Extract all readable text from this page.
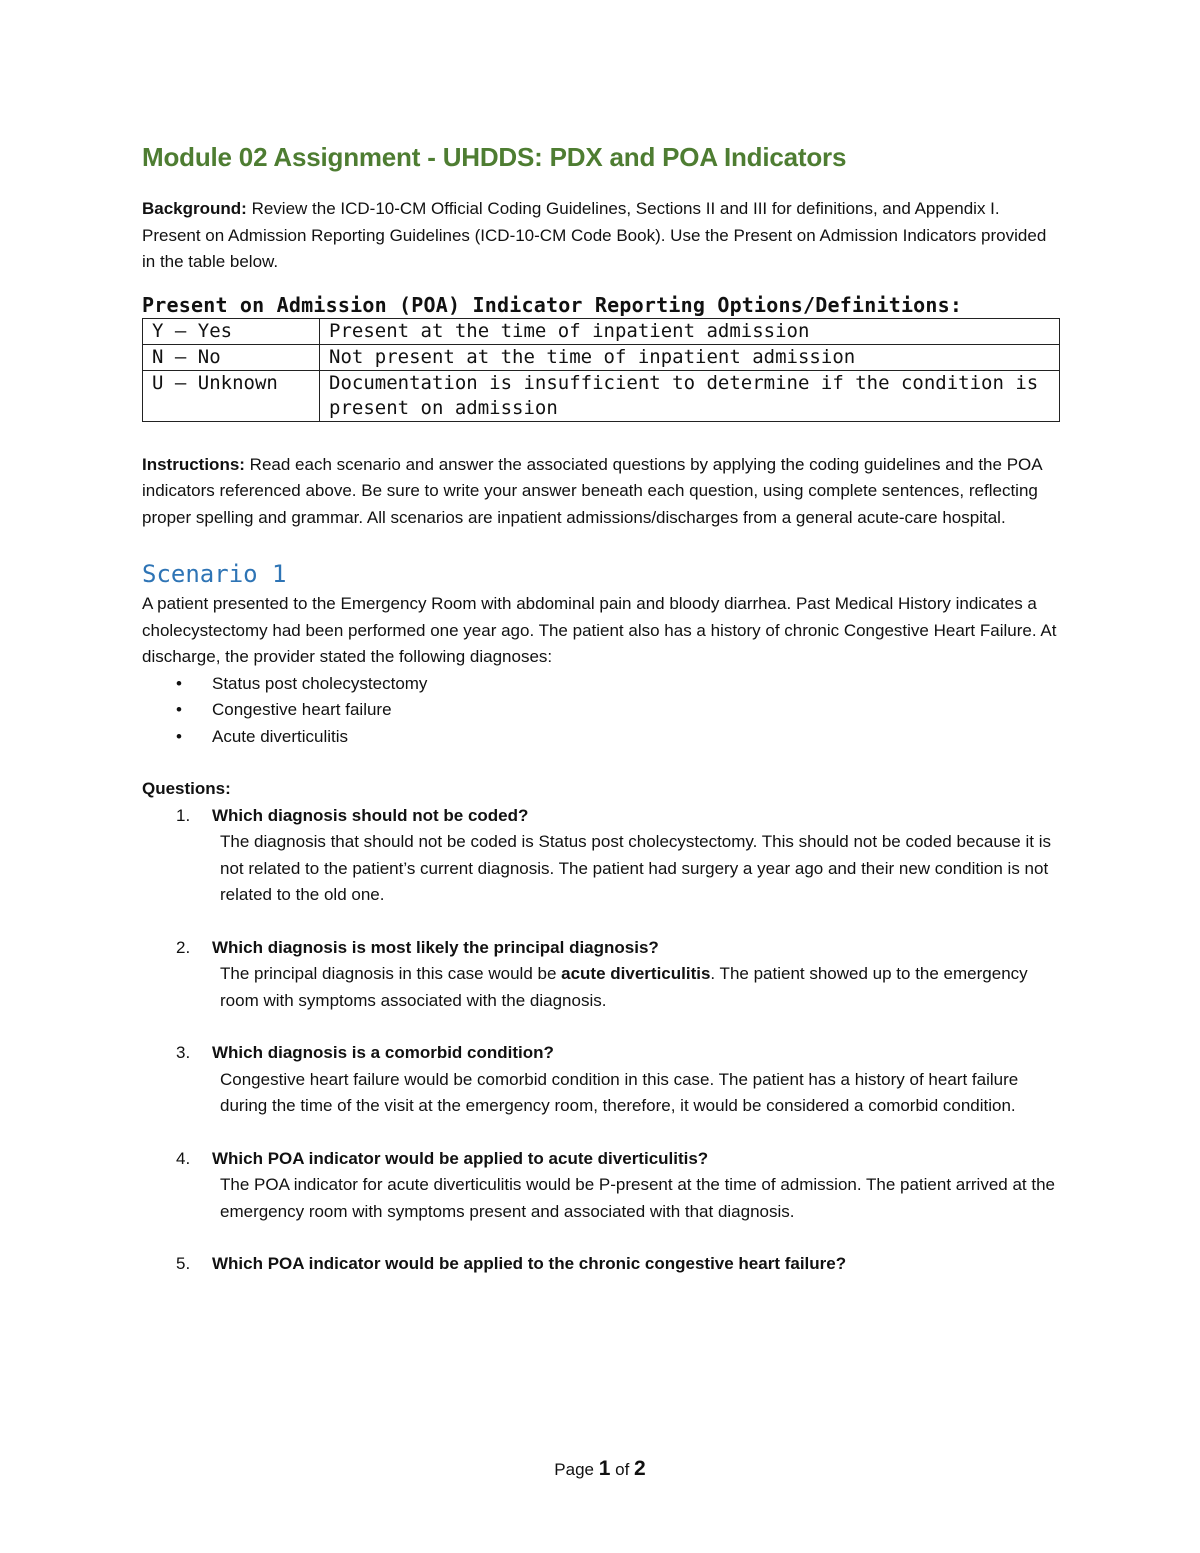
Module 02 Assignment - UHDDS: PDX and POA Indicators

Background: Review the ICD-10-CM Official Coding Guidelines, Sections II and III for definitions, and Appendix I. Present on Admission Reporting Guidelines (ICD-10-CM Code Book). Use the Present on Admission Indicators provided in the table below.

Present on Admission (POA) Indicator Reporting Options/Definitions:
Y – Yes	Present at the time of inpatient admission
N – No	Not present at the time of inpatient admission
U – Unknown	Documentation is insufficient to determine if the condition is present on admission

Instructions: Read each scenario and answer the associated questions by applying the coding guidelines and the POA indicators referenced above. Be sure to write your answer beneath each question, using complete sentences, reflecting proper spelling and grammar. All scenarios are inpatient admissions/discharges from a general acute-care hospital.

Scenario 1

A patient presented to the Emergency Room with abdominal pain and bloody diarrhea. Past Medical History indicates a cholecystectomy had been performed one year ago. The patient also has a history of chronic Congestive Heart Failure. At discharge, the provider stated the following diagnoses:

• Status post cholecystectomy
• Congestive heart failure
• Acute diverticulitis
Questions:
1. Which diagnosis should not be coded?
The diagnosis that should not be coded is Status post cholecystectomy. This should not be coded because it is not related to the patient’s current diagnosis. The patient had surgery a year ago and their new condition is not related to the old one.
2. Which diagnosis is most likely the principal diagnosis?
The principal diagnosis in this case would be acute diverticulitis. The patient showed up to the emergency room with symptoms associated with the diagnosis.
3. Which diagnosis is a comorbid condition?
Congestive heart failure would be comorbid condition in this case. The patient has a history of heart failure during the time of the visit at the emergency room, therefore, it would be considered a comorbid condition.
4. Which POA indicator would be applied to acute diverticulitis?
The POA indicator for acute diverticulitis would be P-present at the time of admission. The patient arrived at the emergency room with symptoms present and associated with that diagnosis.
5. Which POA indicator would be applied to the chronic congestive heart failure?
Page 1 of 2
